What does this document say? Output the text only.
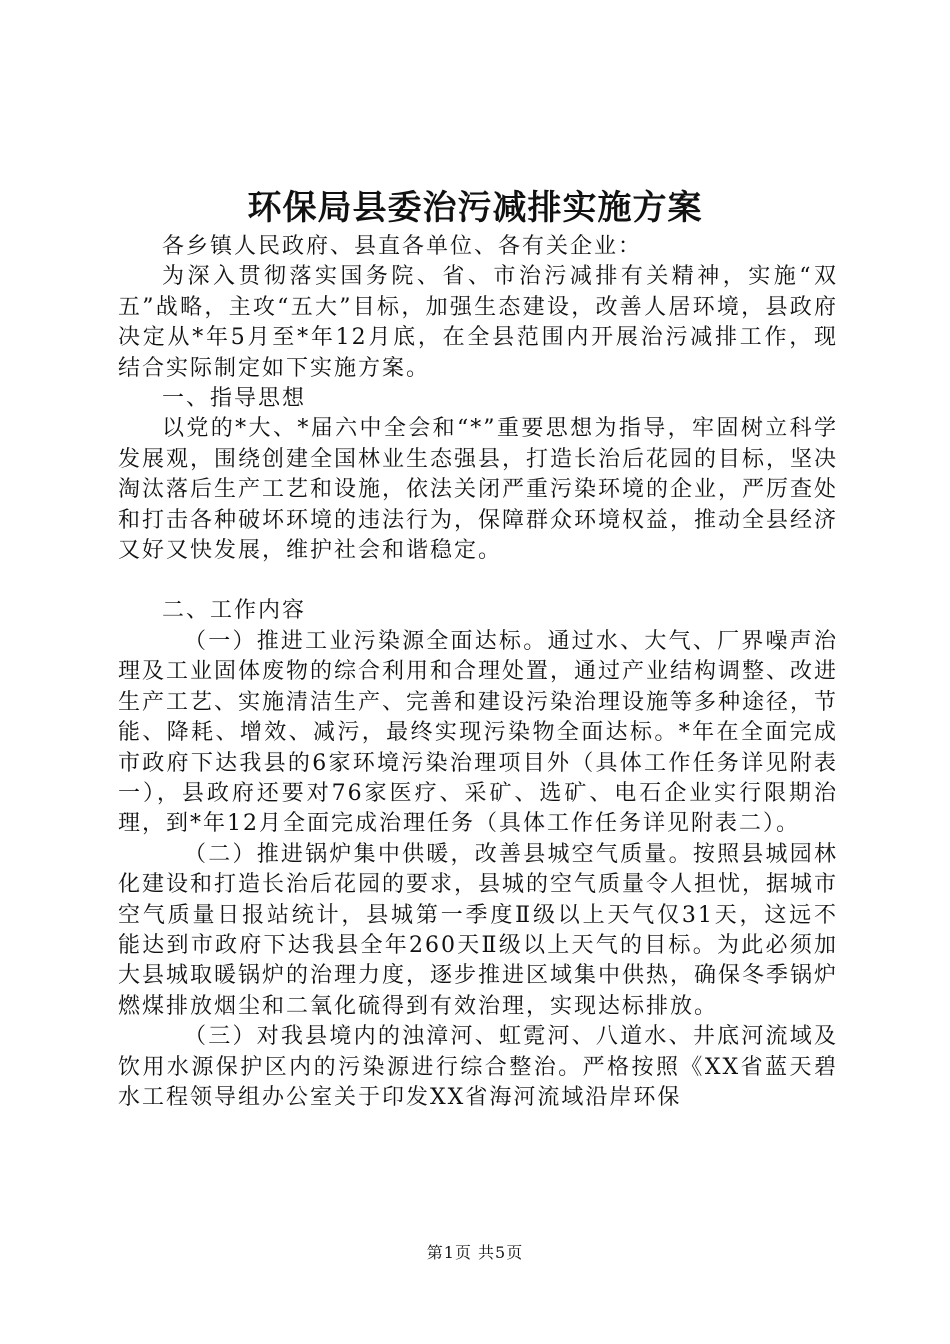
环保局县委治污减排实施方案

各乡镇人民政府、县直各单位、各有关企业：

为深入贯彻落实国务院、省、市治污减排有关精神，实施“双五”战略，主攻“五大”目标，加强生态建设，改善人居环境，县政府决定从*年5月至*年12月底，在全县范围内开展治污减排工作，现结合实际制定如下实施方案。

一、指导思想

以党的*大、*届六中全会和“*”重要思想为指导，牢固树立科学发展观，围绕创建全国林业生态强县，打造长治后花园的目标，坚决淘汰落后生产工艺和设施，依法关闭严重污染环境的企业，严厉查处和打击各种破坏环境的违法行为，保障群众环境权益，推动全县经济又好又快发展，维护社会和谐稳定。

二、工作内容

（一）推进工业污染源全面达标。通过水、大气、厂界噪声治理及工业固体废物的综合利用和合理处置，通过产业结构调整、改进生产工艺、实施清洁生产、完善和建设污染治理设施等多种途径，节能、降耗、增效、减污，最终实现污染物全面达标。*年在全面完成市政府下达我县的6家环境污染治理项目外（具体工作任务详见附表一），县政府还要对76家医疗、采矿、选矿、电石企业实行限期治理，到*年12月全面完成治理任务（具体工作任务详见附表二）。

（二）推进锅炉集中供暖，改善县城空气质量。按照县城园林化建设和打造长治后花园的要求，县城的空气质量令人担忧，据城市空气质量日报站统计，县城第一季度Ⅱ级以上天气仅31天，这远不能达到市政府下达我县全年260天Ⅱ级以上天气的目标。为此必须加大县城取暖锅炉的治理力度，逐步推进区域集中供热，确保冬季锅炉燃煤排放烟尘和二氧化硫得到有效治理，实现达标排放。

（三）对我县境内的浊漳河、虹霓河、八道水、井底河流域及饮用水源保护区内的污染源进行综合整治。严格按照《XX省蓝天碧水工程领导组办公室关于印发XX省海河流域沿岸环保

第1页 共5页
